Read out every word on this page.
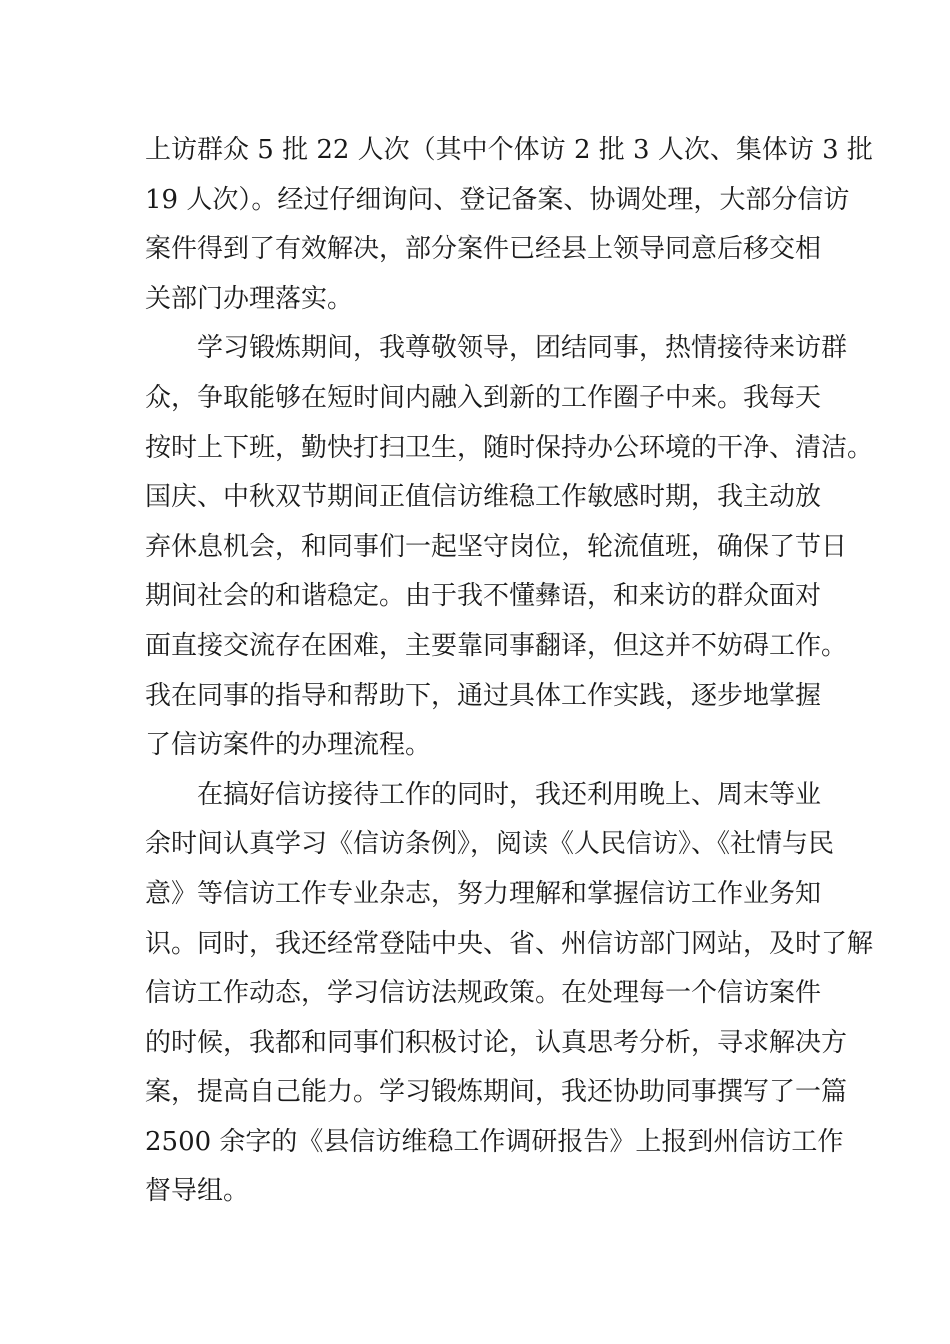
上访群众 5 批 22 人次（其中个体访 2 批 3 人次、集体访 3 批
19 人次）。经过仔细询问、登记备案、协调处理，大部分信访
案件得到了有效解决，部分案件已经县上领导同意后移交相
关部门办理落实。

学习锻炼期间，我尊敬领导，团结同事，热情接待来访群
众，争取能够在短时间内融入到新的工作圈子中来。我每天
按时上下班，勤快打扫卫生，随时保持办公环境的干净、清洁。
国庆、中秋双节期间正值信访维稳工作敏感时期，我主动放
弃休息机会，和同事们一起坚守岗位，轮流值班，确保了节日
期间社会的和谐稳定。由于我不懂彝语，和来访的群众面对
面直接交流存在困难，主要靠同事翻译，但这并不妨碍工作。
我在同事的指导和帮助下，通过具体工作实践，逐步地掌握
了信访案件的办理流程。

在搞好信访接待工作的同时，我还利用晚上、周末等业
余时间认真学习《信访条例》，阅读《人民信访》、《社情与民
意》等信访工作专业杂志，努力理解和掌握信访工作业务知
识。同时，我还经常登陆中央、省、州信访部门网站，及时了解
信访工作动态，学习信访法规政策。在处理每一个信访案件
的时候，我都和同事们积极讨论，认真思考分析，寻求解决方
案，提高自己能力。学习锻炼期间，我还协助同事撰写了一篇
2500 余字的《县信访维稳工作调研报告》上报到州信访工作
督导组。
